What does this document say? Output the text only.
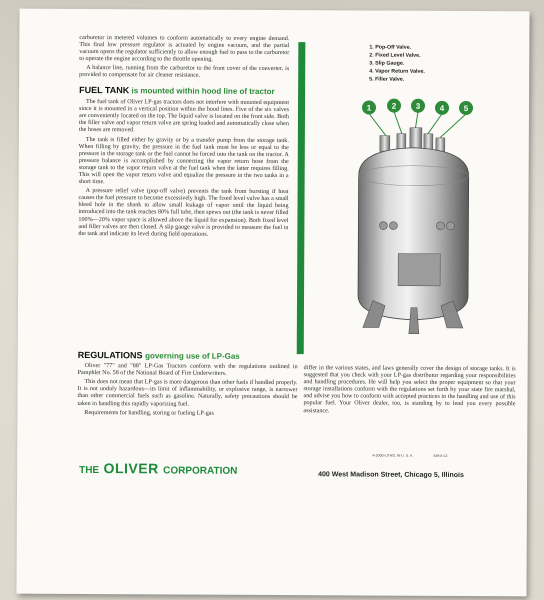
carburetor in metered volumes to conform automatically to every engine demand. This final low pressure regulator is actuated by engine vacuum, and the partial vacuum opens the regulator sufficiently to allow enough fuel to pass to the carburetor to operate the engine according to the throttle opening.

A balance line, running from the carburetor to the front cover of the converter, is provided to compensate for air cleaner resistance.

FUEL TANK is mounted within hood line of tractor

The fuel tank of Oliver LP-gas tractors does not interfere with mounted equipment since it is mounted in a vertical position within the hood lines. Five of the six valves are conveniently located on the top. The liquid valve is located on the front side. Both the filler valve and vapor return valve are spring loaded and automatically close when the hoses are removed.

The tank is filled either by gravity or by a transfer pump from the storage tank. When filling by gravity, the pressure in the fuel tank must be less or equal to the pressure in the storage tank or the fuel cannot be forced into the tank on the tractor. A pressure balance is accomplished by connecting the vapor return hose from the storage tank to the vapor return valve at the fuel tank when the latter requires filling. This will open the vapor return valve and equalize the pressure in the two tanks in a short time.

A pressure relief valve (pop-off valve) prevents the tank from bursting if heat causes the fuel pressure to become excessively high. The fixed level valve has a small bleed hole in the shank to allow small leakage of vapor until the liquid being introduced into the tank reaches 80% full tube, then spews out (the tank is never filled 100%—20% vapor space is allowed above the liquid for expansion). Both fixed level and filler valves are then closed. A slip gauge valve is provided to measure the fuel in the tank and indicate its level during field operations.

1. Pop-Off Valve.
2. Fixed Level Valve.
3. Slip Gauge.
4. Vapor Return Valve.
5. Filler Valve.
1	2 3 4 5
REGULATIONS governing use of LP-Gas

Oliver "77" and "88" LP-Gas Tractors conform with the regulations outlined in Pamphlet No. 58 of the National Board of Fire Underwriters.

This does not mean that LP-gas is more dangerous than other fuels if handled properly. It is not unduly hazardous—its limit of inflammability, or explosive range, is narrower than other commercial fuels such as gasoline. Naturally, safety precautions should be taken in handling this rapidly vaporizing fuel.

Requirements for handling, storing or fueling LP-gas

differ in the various states, and laws generally cover the design of storage tanks. It is suggested that you check with your LP-gas distributor regarding your responsibilities and handling procedures. He will help you select the proper equipment so that your storage installations conform with the regulations set forth by your state fire marshal, and advise you how to conform with accepted practices in the handling and use of this popular fuel. Your Oliver dealer, too, is standing by to lend you every possible assistance.

A-2000-LITHO. IN U. S. A.	S/M 8-12
THE OLIVER CORPORATION	400 West Madison Street, Chicago 5, Illinois
